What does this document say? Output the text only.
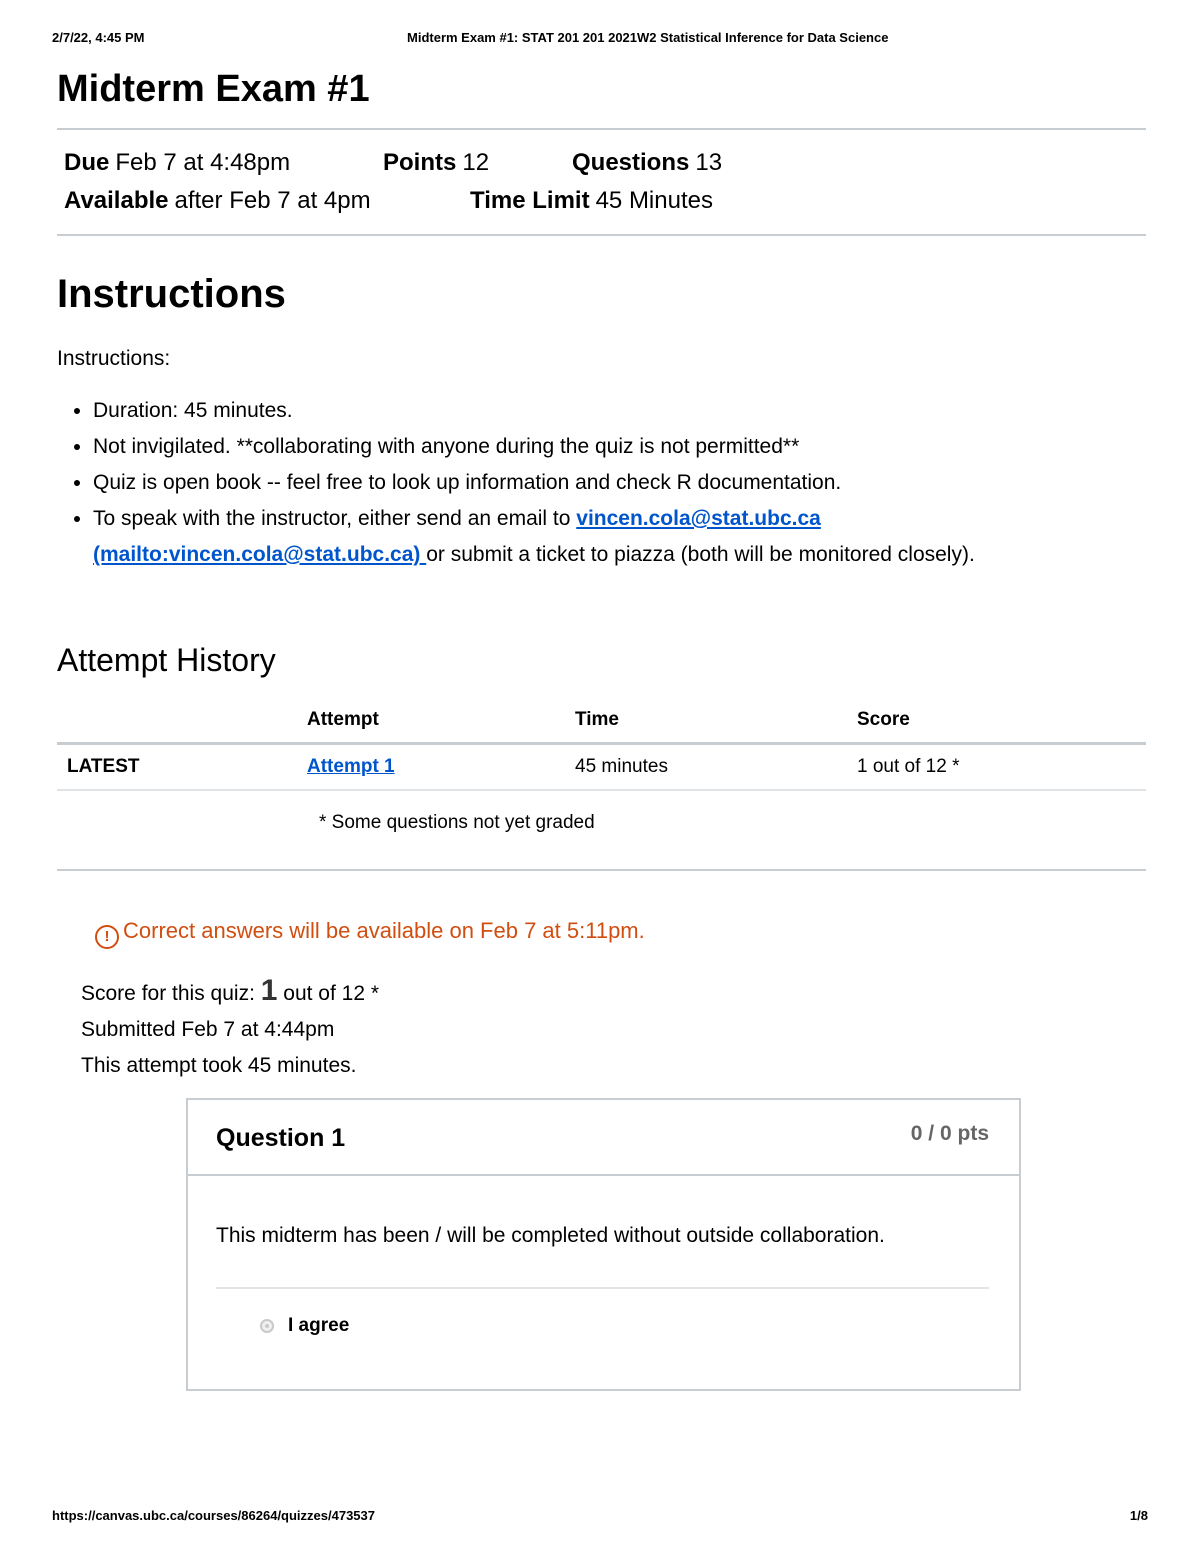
2/7/22, 4:45 PM	Midterm Exam #1: STAT 201 201 2021W2 Statistical Inference for Data Science
Midterm Exam #1
Due Feb 7 at 4:48pm	Points 12	Questions 13
Available after Feb 7 at 4pm	Time Limit 45 Minutes
Instructions
Instructions:
• Duration: 45 minutes.
• Not invigilated. **collaborating with anyone during the quiz is not permitted**
• Quiz is open book -- feel free to look up information and check R documentation.
• To speak with the instructor, either send an email to vincen.cola@stat.ubc.ca (mailto:vincen.cola@stat.ubc.ca) or submit a ticket to piazza (both will be monitored closely).
Attempt History
	Attempt	Time	Score
LATEST	Attempt 1	45 minutes	1 out of 12 *
* Some questions not yet graded
! Correct answers will be available on Feb 7 at 5:11pm.
Score for this quiz: 1 out of 12 *
Submitted Feb 7 at 4:44pm
This attempt took 45 minutes.
Question 1	0 / 0 pts
This midterm has been / will be completed without outside collaboration.
I agree
https://canvas.ubc.ca/courses/86264/quizzes/473537	1/8
